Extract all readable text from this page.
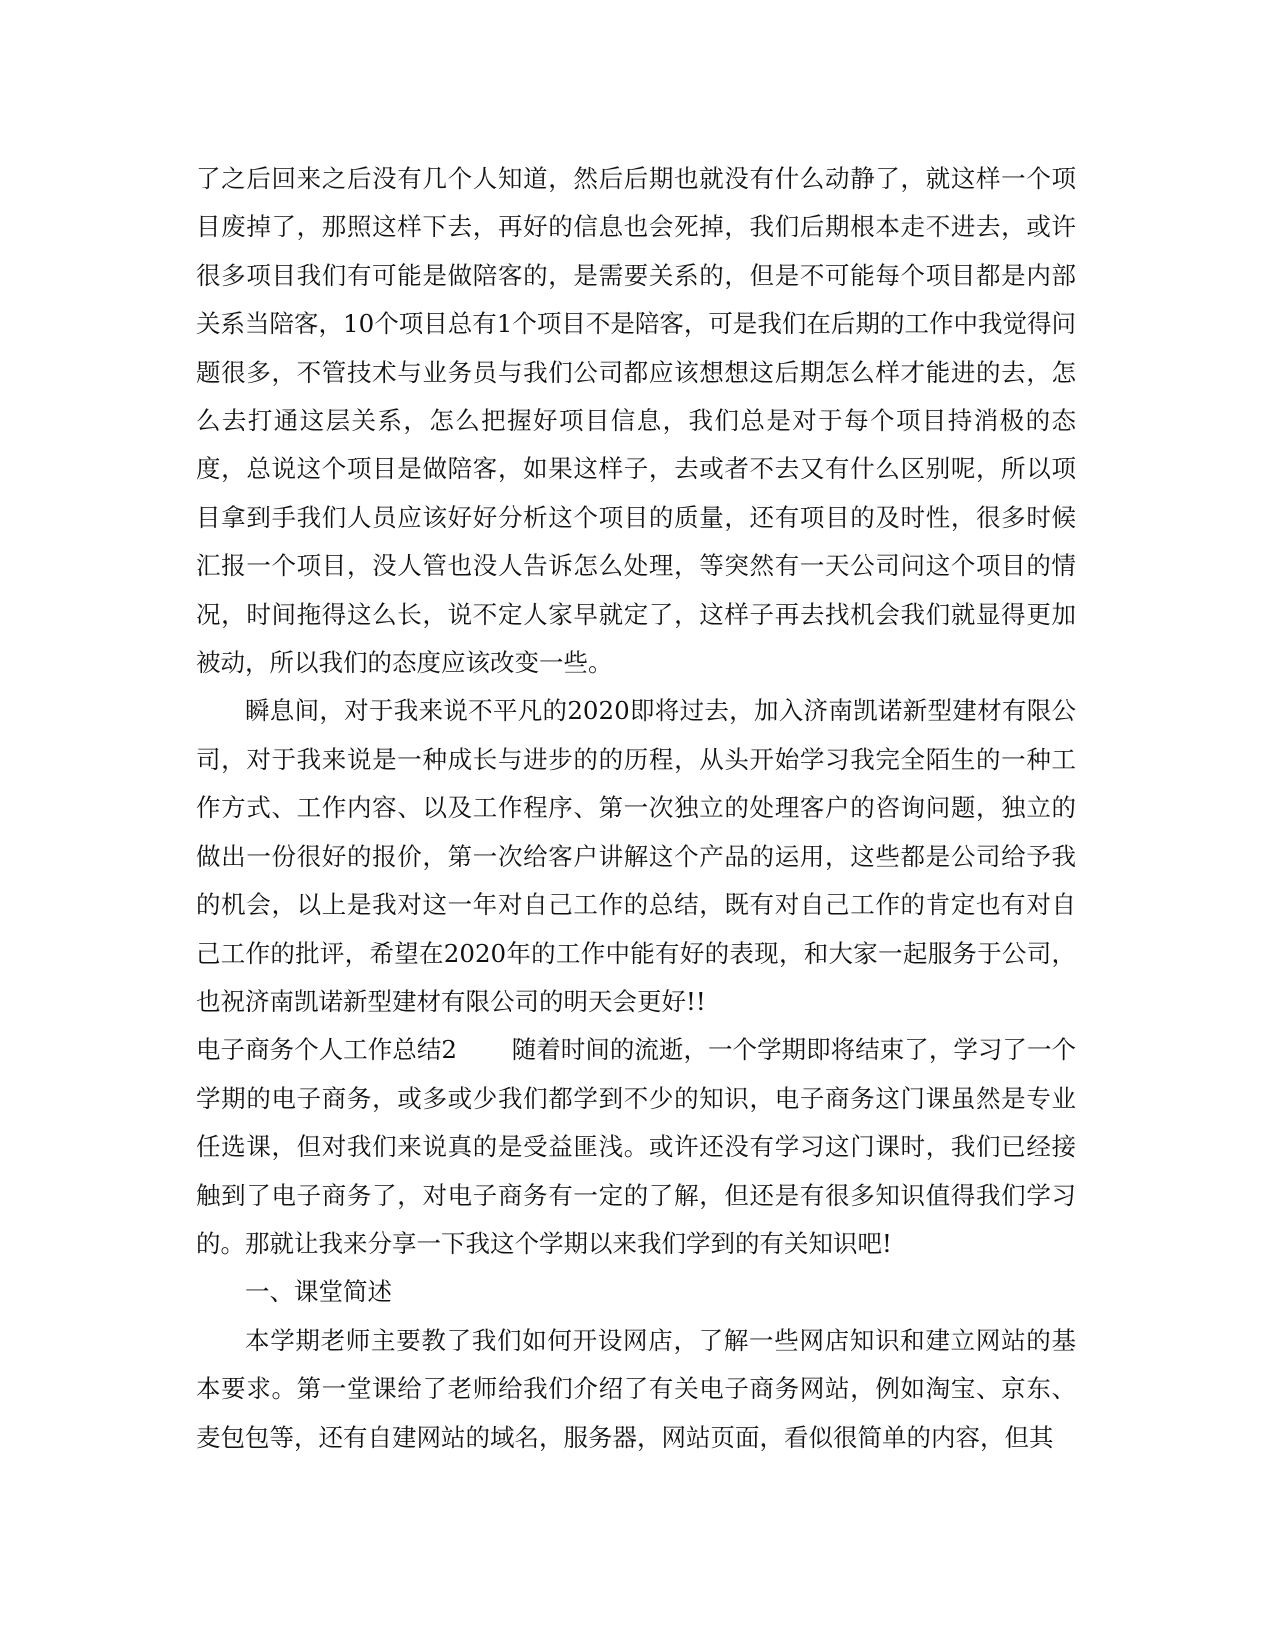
了之后回来之后没有几个人知道，然后后期也就没有什么动静了，就这样一个项目废掉了，那照这样下去，再好的信息也会死掉，我们后期根本走不进去，或许很多项目我们有可能是做陪客的，是需要关系的，但是不可能每个项目都是内部关系当陪客，10个项目总有1个项目不是陪客，可是我们在后期的工作中我觉得问题很多，不管技术与业务员与我们公司都应该想想这后期怎么样才能进的去，怎么去打通这层关系，怎么把握好项目信息，我们总是对于每个项目持消极的态度，总说这个项目是做陪客，如果这样子，去或者不去又有什么区别呢，所以项目拿到手我们人员应该好好分析这个项目的质量，还有项目的及时性，很多时候汇报一个项目，没人管也没人告诉怎么处理，等突然有一天公司问这个项目的情况，时间拖得这么长，说不定人家早就定了，这样子再去找机会我们就显得更加被动，所以我们的态度应该改变一些。

瞬息间，对于我来说不平凡的2020即将过去，加入济南凯诺新型建材有限公司，对于我来说是一种成长与进步的的历程，从头开始学习我完全陌生的一种工作方式、工作内容、以及工作程序、第一次独立的处理客户的咨询问题，独立的做出一份很好的报价，第一次给客户讲解这个产品的运用，这些都是公司给予我的机会，以上是我对这一年对自己工作的总结，既有对自己工作的肯定也有对自己工作的批评，希望在2020年的工作中能有好的表现，和大家一起服务于公司，也祝济南凯诺新型建材有限公司的明天会更好!!

电子商务个人工作总结2 随着时间的流逝，一个学期即将结束了，学习了一个学期的电子商务，或多或少我们都学到不少的知识，电子商务这门课虽然是专业任选课，但对我们来说真的是受益匪浅。或许还没有学习这门课时，我们已经接触到了电子商务了，对电子商务有一定的了解，但还是有很多知识值得我们学习的。那就让我来分享一下我这个学期以来我们学到的有关知识吧!

一、课堂简述

本学期老师主要教了我们如何开设网店，了解一些网店知识和建立网站的基本要求。第一堂课给了老师给我们介绍了有关电子商务网站，例如淘宝、京东、麦包包等，还有自建网站的域名，服务器，网站页面，看似很简单的内容，但其
